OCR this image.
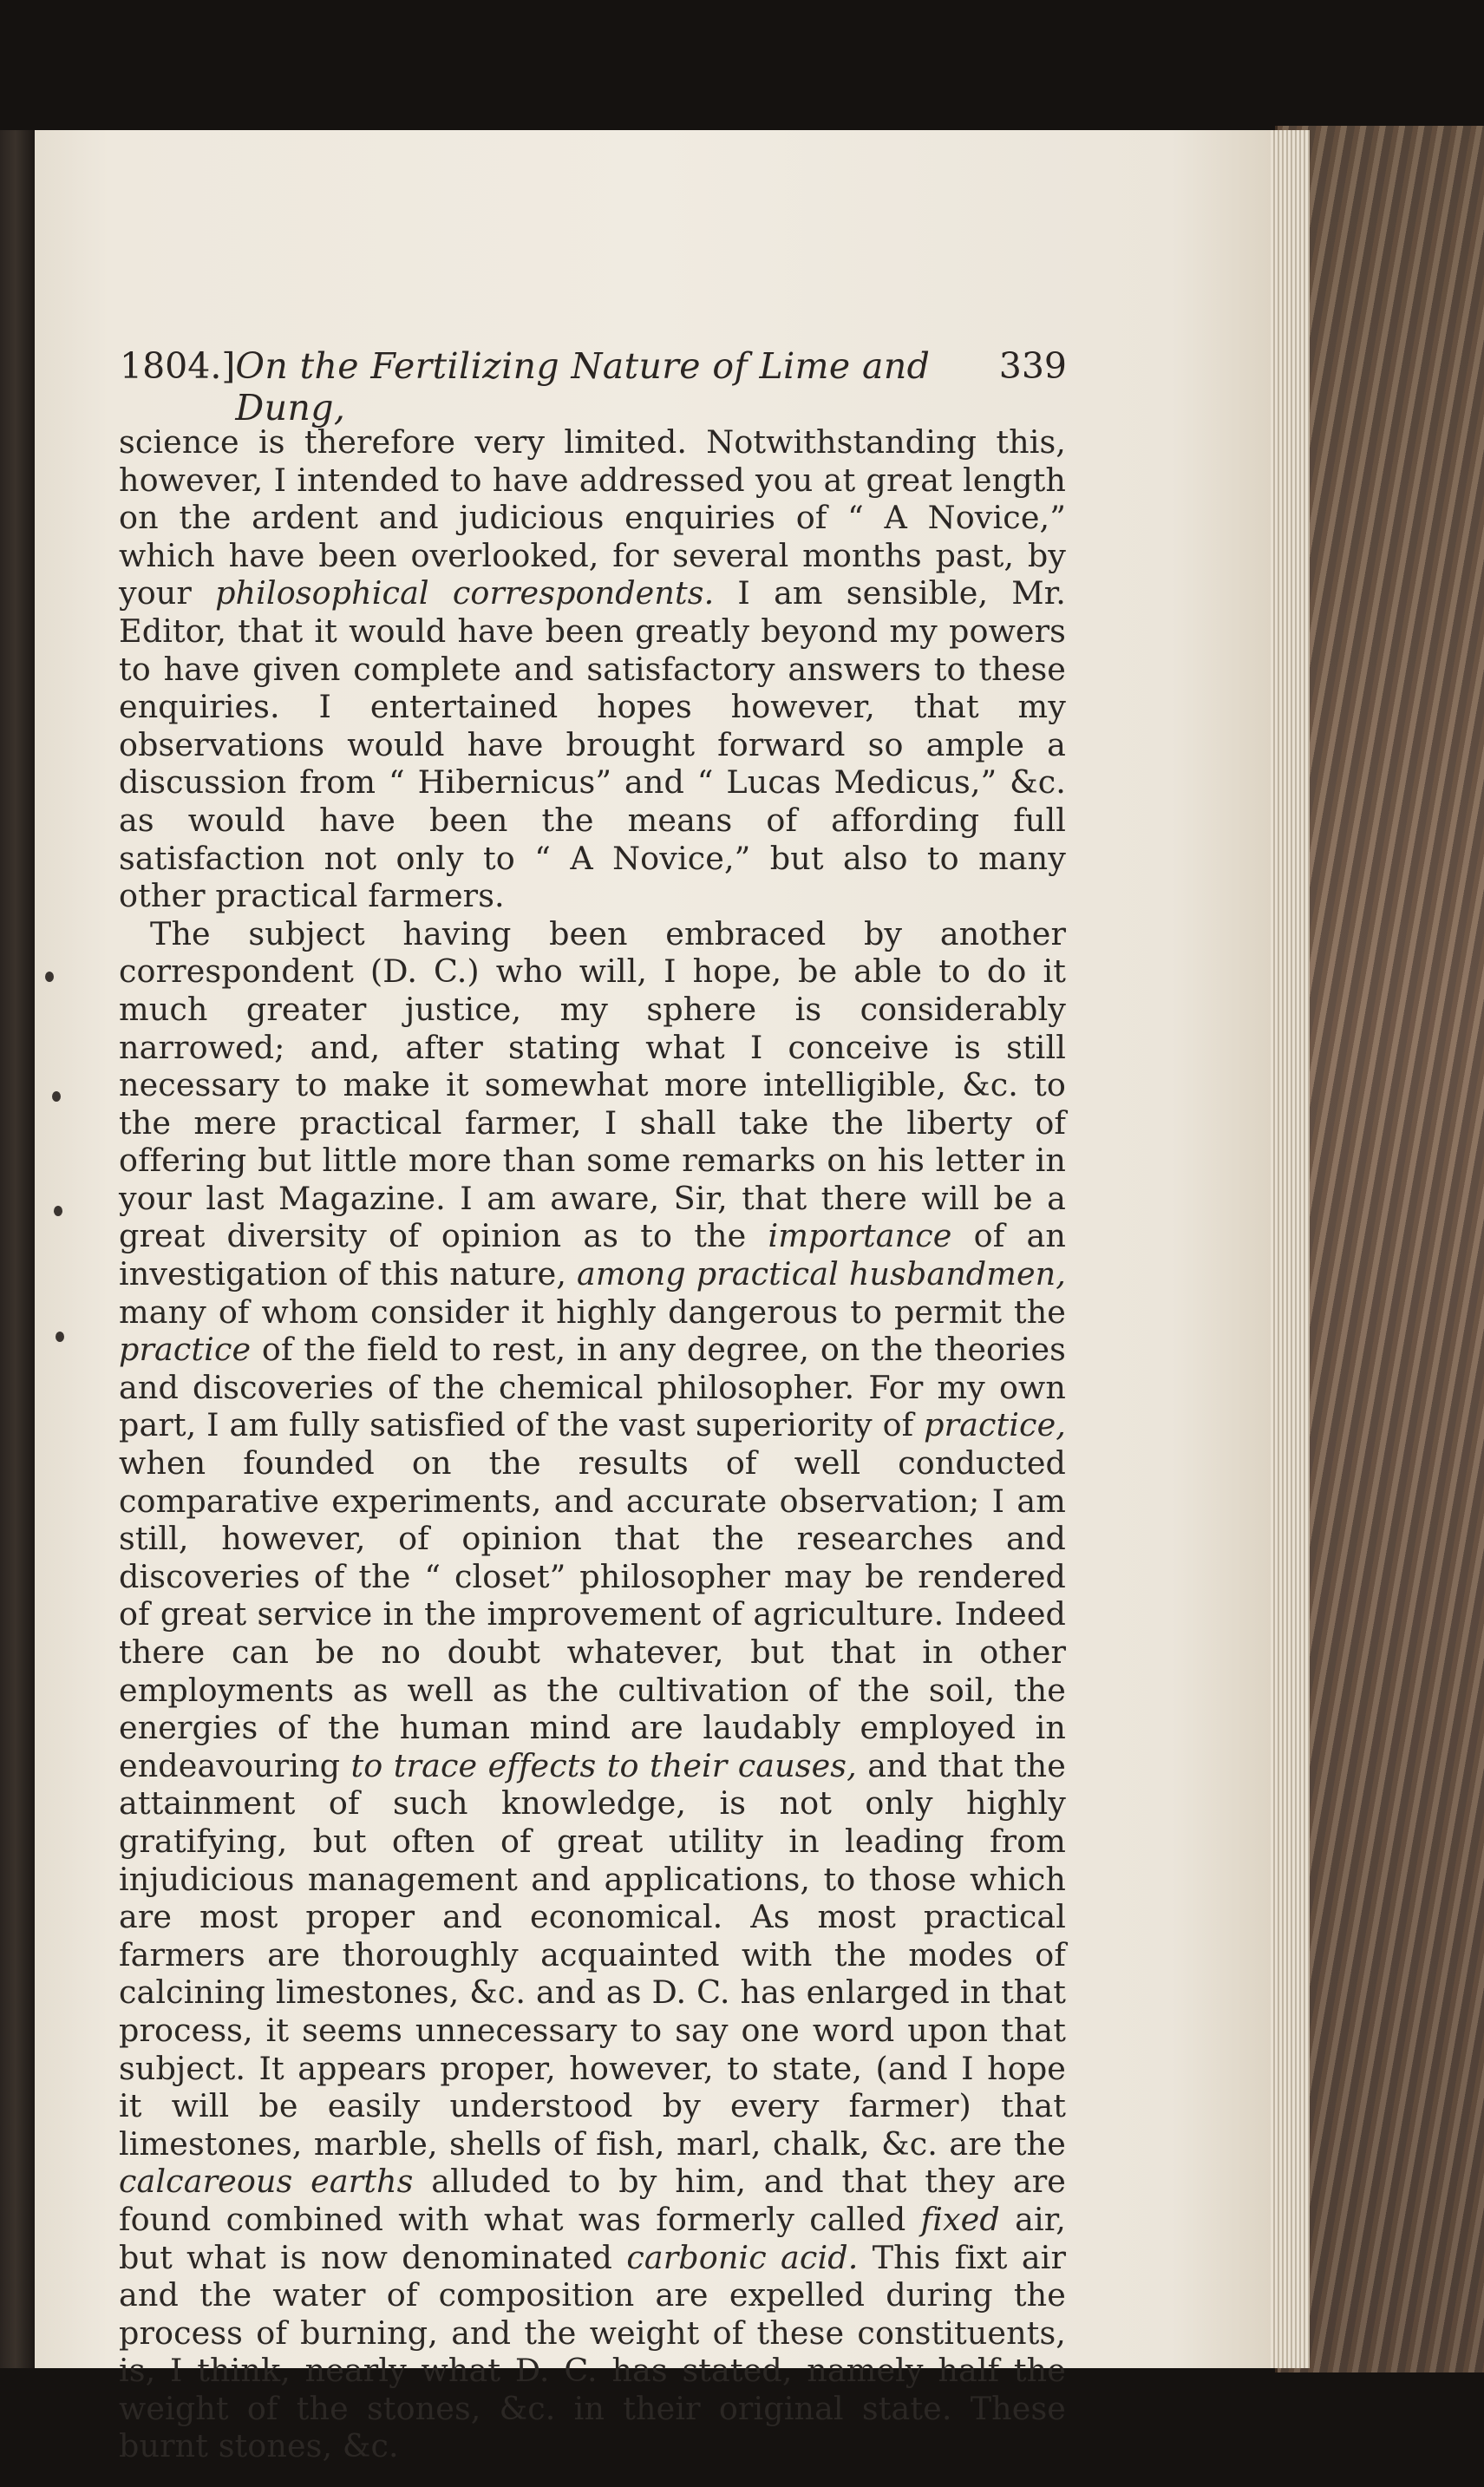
1804.] On the Fertilizing Nature of Lime and Dung,
339

science is therefore very limited. Notwithstanding this, however, I intended to have addressed you at great length on the ardent and judicious enquiries of “ A Novice,” which have been overlooked, for several months past, by your philosophical correspondents. I am sensible, Mr. Editor, that it would have been greatly beyond my powers to have given complete and satisfactory answers to these enquiries. I entertained hopes however, that my observations would have brought forward so ample a discussion from “ Hibernicus” and “ Lucas Medicus,” &c. as would have been the means of affording full satisfaction not only to “ A Novice,” but also to many other practical farmers.

The subject having been embraced by another correspondent (D. C.) who will, I hope, be able to do it much greater justice, my sphere is considerably narrowed; and, after stating what I conceive is still necessary to make it somewhat more intelligible, &c. to the mere practical farmer, I shall take the liberty of offering but little more than some remarks on his letter in your last Magazine. I am aware, Sir, that there will be a great diversity of opinion as to the importance of an investigation of this nature, among practical husbandmen, many of whom consider it highly dangerous to permit the practice of the field to rest, in any degree, on the theories and discoveries of the chemical philosopher. For my own part, I am fully satisfied of the vast superiority of practice, when founded on the results of well conducted comparative experiments, and accurate observation; I am still, however, of opinion that the researches and discoveries of the “ closet” philosopher may be rendered of great service in the improvement of agriculture. Indeed there can be no doubt whatever, but that in other employments as well as the cultivation of the soil, the energies of the human mind are laudably employed in endeavouring to trace effects to their causes, and that the attainment of such knowledge, is not only highly gratifying, but often of great utility in leading from injudicious management and applications, to those which are most proper and economical. As most practical farmers are thoroughly acquainted with the modes of calcining limestones, &c. and as D. C. has enlarged in that process, it seems unnecessary to say one word upon that subject. It appears proper, however, to state, (and I hope it will be easily understood by every farmer) that limestones, marble, shells of fish, marl, chalk, &c. are the calcareous earths alluded to by him, and that they are found combined with what was formerly called fixed air, but what is now denominated carbonic acid. This fixt air and the water of composition are expelled during the process of burning, and the weight of these constituents, is, I think, nearly what D. C. has stated, namely half the weight of the stones, &c. in their original state. These burnt stones, &c.
